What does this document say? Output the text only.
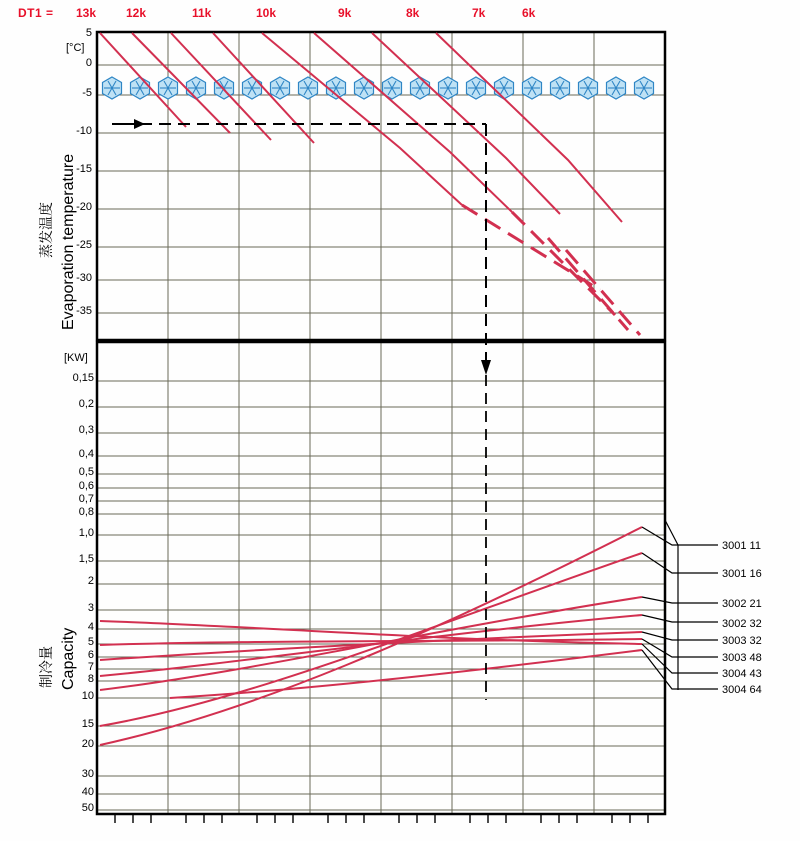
DT1 = 13k 12k	11k	10k	9k	8k	7k	6k
蒸发温度 Evaporation temperature
制冷量 Capacity
[°C]
[KW]
5
0
-5
-10
-15
-20
-25
-30
-35
0,15
0,2
0,3
0,4
0,5
0,6
0,7
0,8
1,0
1,5
2
3
4
5
6
7
8
10
15
20
30
40
50
3001 11
3001 16
3002 21
3002 32
3003 32
3003 48
3004 43
3004 64
